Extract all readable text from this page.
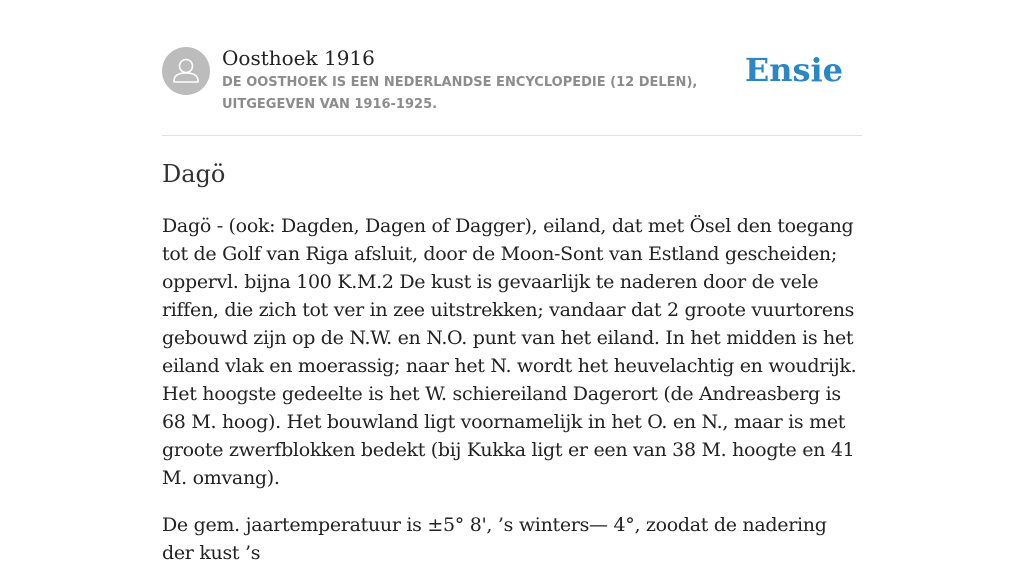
Oosthoek 1916
DE OOSTHOEK IS EEN NEDERLANDSE ENCYCLOPEDIE (12 DELEN), UITGEGEVEN VAN 1916-1925.
Ensie
Dagö

Dagö - (ook: Dagden, Dagen of Dagger), eiland, dat met Ösel den toegang tot de Golf van Riga afsluit, door de Moon-Sont van Estland gescheiden; oppervl. bijna 100 K.M.2 De kust is gevaarlijk te naderen door de vele riffen, die zich tot ver in zee uitstrekken; vandaar dat 2 groote vuurtorens gebouwd zijn op de N.W. en N.O. punt van het eiland. In het midden is het eiland vlak en moerassig; naar het N. wordt het heuvelachtig en woudrijk. Het hoogste gedeelte is het W. schiereiland Dagerort (de Andreasberg is 68 M. hoog). Het bouwland ligt voornamelijk in het O. en N., maar is met groote zwerfblokken bedekt (bij Kukka ligt er een van 38 M. hoogte en 41 M. omvang).

De gem. jaartemperatuur is ±5° 8', ’s winters— 4°, zoodat de nadering der kust ’s
